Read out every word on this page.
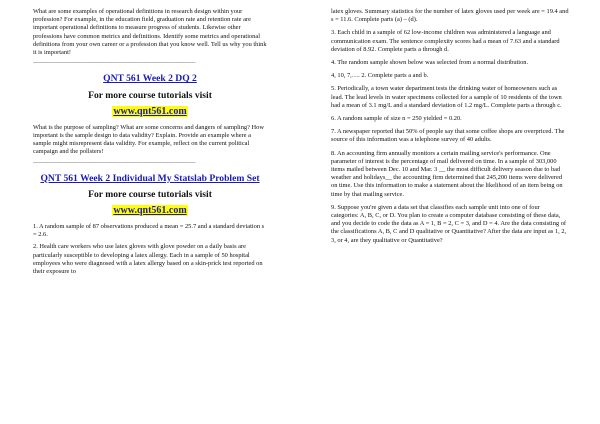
What are some examples of operational definitions in research design within your profession? For example, in the education field, graduation rate and retention rate are important operational definitions to measure progress of students. Likewise other professions have common metrics and definitions. Identify some metrics and operational definitions from your own career or a profession that you know well. Tell us why you think it is important!

-----------------------------------------------------------------------------------------------------------------------
QNT 561 Week 2 DQ 2
For more course tutorials visit
www.qnt561.com

What is the purpose of sampling? What are some concerns and dangers of sampling? How important is the sample design to data validity? Explain. Provide an example where a sample might misrepresent data validity. For example, reflect on the current political campaign and the pollsters!

-----------------------------------------------------------------------------------------------------------------------
QNT 561 Week 2 Individual My Statslab Problem Set
For more course tutorials visit
www.qnt561.com

1. A random sample of 87 observations produced a mean = 25.7 and a standard deviation s = 2.6.

2. Health care workers who use latex gloves with glove powder on a daily basis are particularly susceptible to developing a latex allergy. Each in a sample of 50 hospital employees who were diagnosed with a latex allergy based on a skin-prick test reported on their exposure to

latex gloves. Summary statistics for the number of latex gloves used per week are = 19.4 and s = 11.6. Complete parts (a) – (d).

3. Each child in a sample of 62 low-income children was administered a language and communication exam. The sentence complexity scores had a mean of 7.63 and a standard deviation of 8.92. Complete parts a through d.

4. The random sample shown below was selected from a normal distribution.

4, 10, 7,…. 2. Complete parts a and b.

5. Periodically, a town water department tests the drinking water of homeowners such as lead. The lead levels in water specimens collected for a sample of 10 residents of the town had a mean of 3.1 mg/L and a standard deviation of 1.2 mg/L. Complete parts a through c.

6. A random sample of size n = 250 yielded = 0.20.

7. A newspaper reported that 50% of people say that some coffee shops are overpriced. The source of this information was a telephone survey of 40 adults.

8. An accounting firm annually monitors a certain mailing service's performance. One parameter of interest is the percentage of mail delivered on time. In a sample of 303,000 items mailed between Dec. 10 and Mar. 3 __ the most difficult delivery season due to bad weather and holidays__ the accounting firm determined that 245,200 items were delivered on time. Use this information to make a statement about the likelihood of an item being on time by that mailing service.

9. Suppose you're given a data set that classifies each sample unit into one of four categories: A, B, C, or D. You plan to create a computer database consisting of these data, and you decide to code the data as A = 1, B = 2, C = 3, and D = 4. Are the data consisting of the classifications A, B, C and D qualitative or Quantitative? After the data are input as 1, 2, 3, or 4, are they qualitative or Quantitative?
